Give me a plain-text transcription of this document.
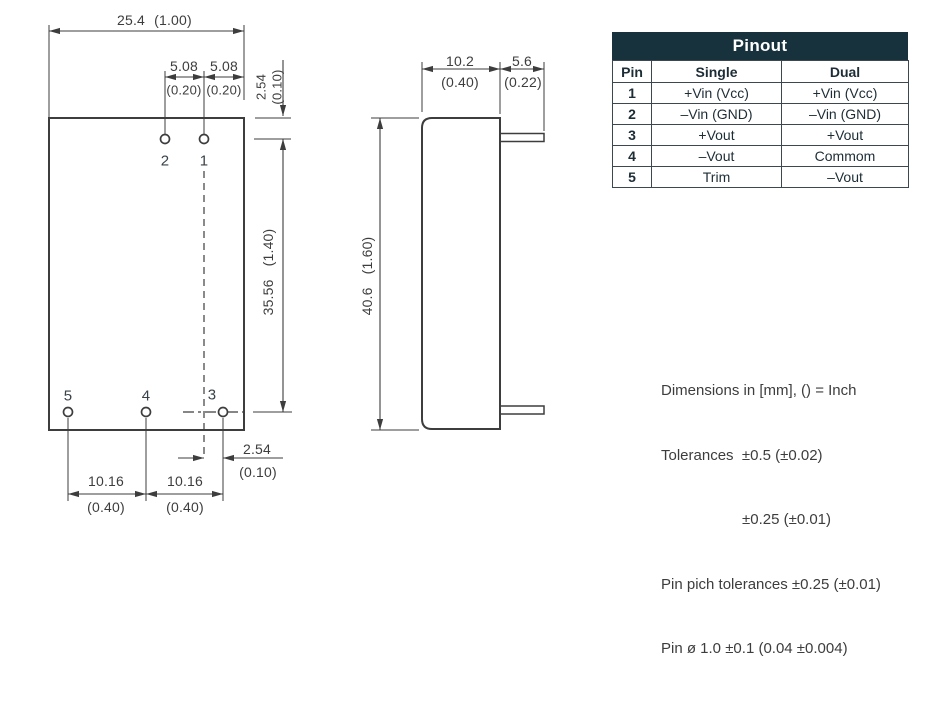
25.4 (1.00)
5.08 5.08
(0.20) (0.20) 2.54 (0.10)
35.56
(1.40)
2.54
(0.10)
10.16
(0.40)
10.16
(0.40)
2 1
5	4	3
10.2
(0.40)
5.6
(0.22)
40.6
(1.60)
Pinout
Pin	Single	Dual
1	+Vin (Vcc)	+Vin (Vcc)
2	–Vin (GND)	–Vin (GND)
3	+Vout	+Vout
4	–Vout	Commom
5	Trim	–Vout

Dimensions in [mm], () = Inch

Tolerances  ±0.5 (±0.02)

±0.25 (±0.01)

Pin pich tolerances ±0.25 (±0.01)

Pin ø 1.0 ±0.1 (0.04 ±0.004)
